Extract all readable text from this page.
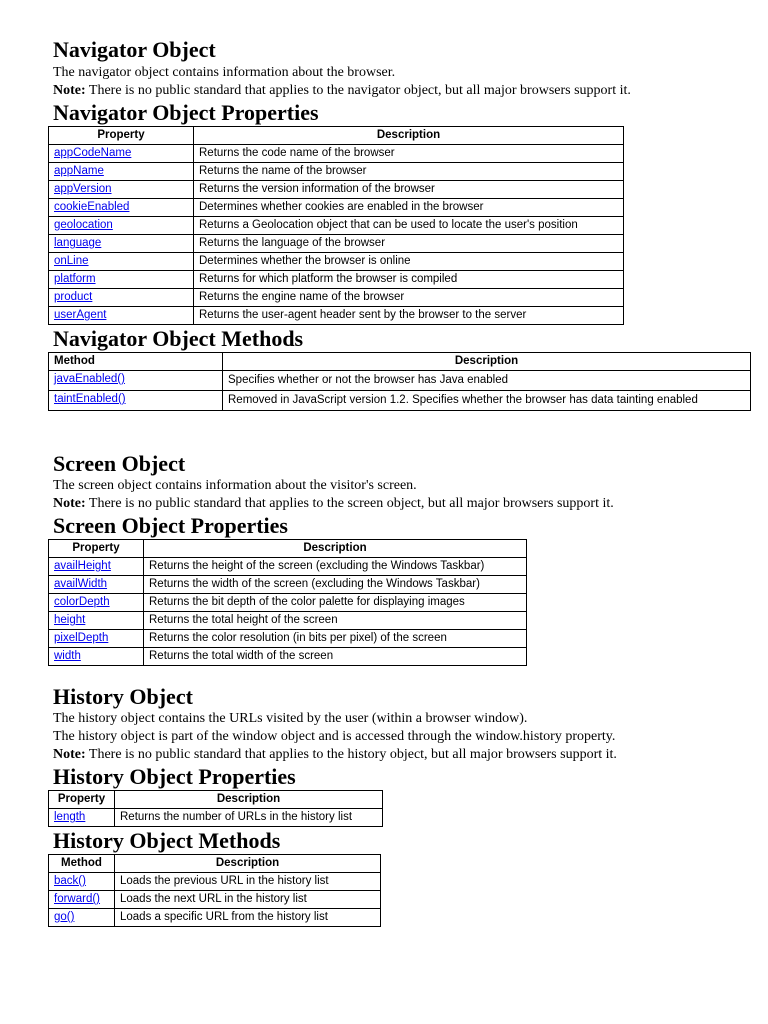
Navigator Object

The navigator object contains information about the browser.

Note: There is no public standard that applies to the navigator object, but all major browsers support it.

Navigator Object Properties
Property	Description
appCodeName	Returns the code name of the browser
appName	Returns the name of the browser
appVersion	Returns the version information of the browser
cookieEnabled	Determines whether cookies are enabled in the browser
geolocation	Returns a Geolocation object that can be used to locate the user's position
language	Returns the language of the browser
onLine	Determines whether the browser is online
platform	Returns for which platform the browser is compiled
product	Returns the engine name of the browser
userAgent	Returns the user-agent header sent by the browser to the server
Navigator Object Methods
Method	Description
javaEnabled()	Specifies whether or not the browser has Java enabled
taintEnabled()	Removed in JavaScript version 1.2. Specifies whether the browser has data tainting enabled
Screen Object

The screen object contains information about the visitor's screen.

Note: There is no public standard that applies to the screen object, but all major browsers support it.

Screen Object Properties
Property	Description
availHeight	Returns the height of the screen (excluding the Windows Taskbar)
availWidth	Returns the width of the screen (excluding the Windows Taskbar)
colorDepth	Returns the bit depth of the color palette for displaying images
height	Returns the total height of the screen
pixelDepth	Returns the color resolution (in bits per pixel) of the screen
width	Returns the total width of the screen
History Object

The history object contains the URLs visited by the user (within a browser window).

The history object is part of the window object and is accessed through the window.history property.

Note: There is no public standard that applies to the history object, but all major browsers support it.

History Object Properties
Property	Description
length	Returns the number of URLs in the history list
History Object Methods
Method	Description
back()	Loads the previous URL in the history list
forward()	Loads the next URL in the history list
go()	Loads a specific URL from the history list
